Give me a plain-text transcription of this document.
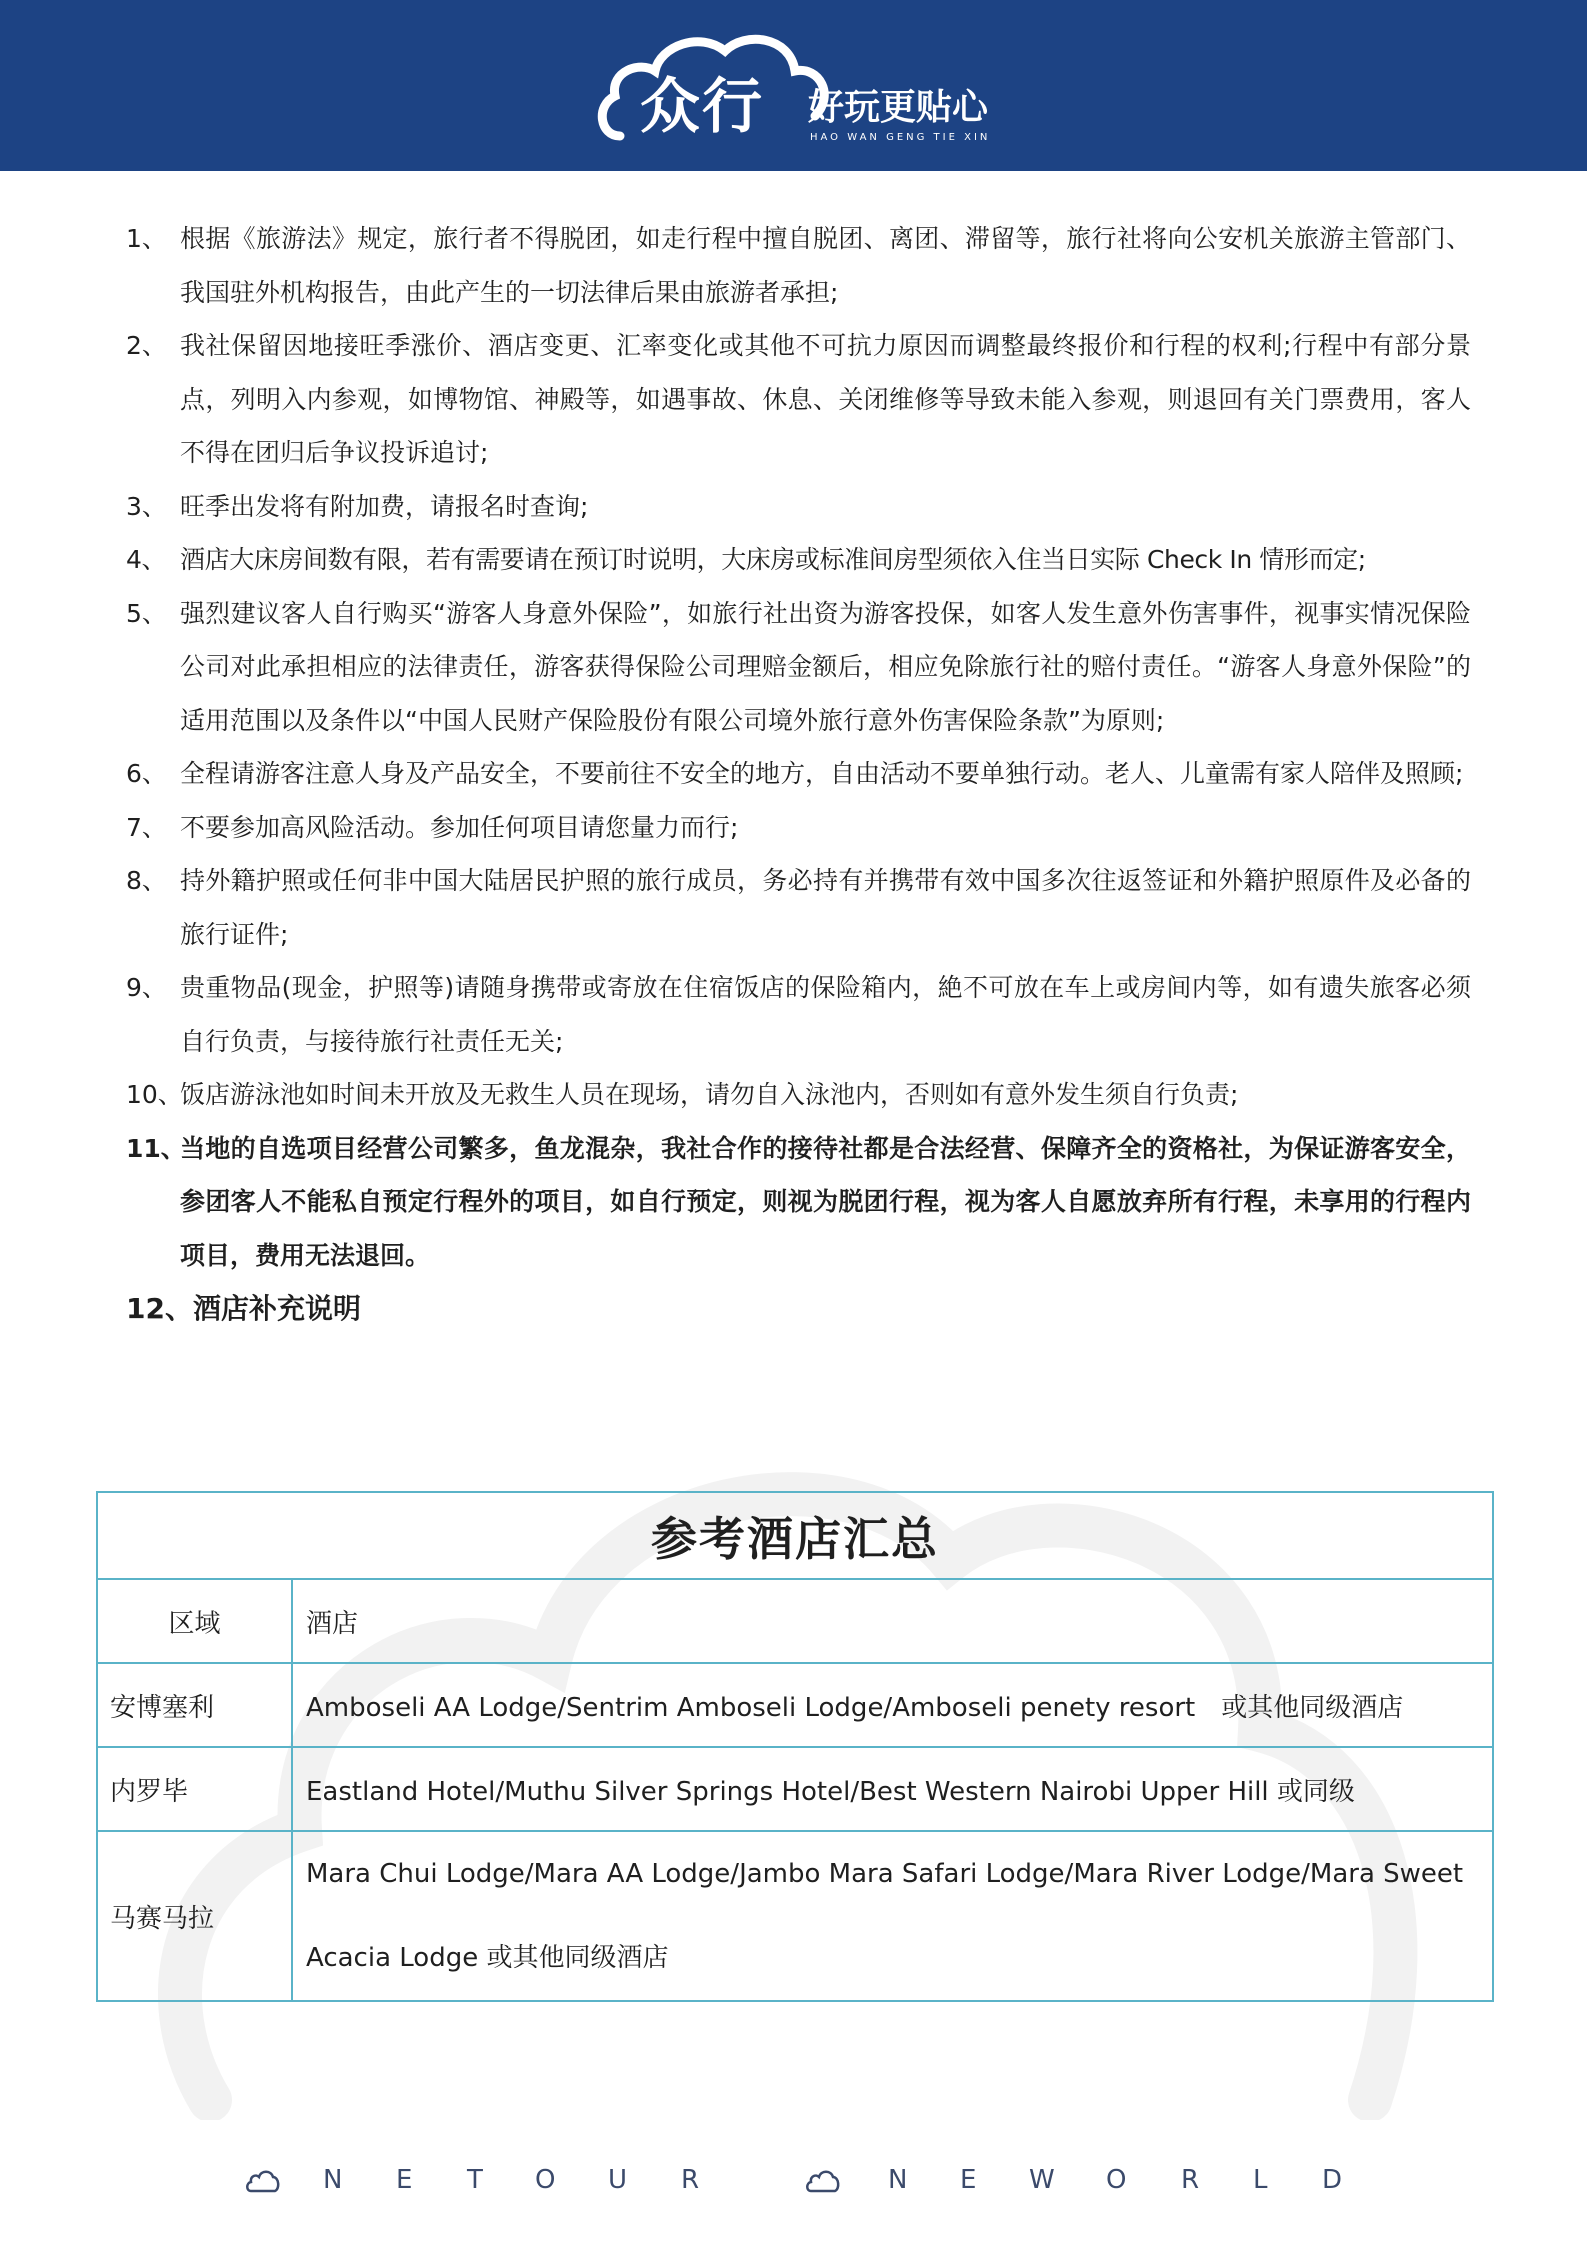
众行 好玩更贴心
HAO WAN GENG TIE XIN
1、 根据《旅游法》规定，旅行者不得脱团，如走行程中擅自脱团、离团、滞留等，旅行社将向公安机关旅游主管部门、我国驻外机构报告，由此产生的一切法律后果由旅游者承担;
2、 我社保留因地接旺季涨价、酒店变更、汇率变化或其他不可抗力原因而调整最终报价和行程的权利;行程中有部分景点，列明入内参观，如博物馆、神殿等，如遇事故、休息、关闭维修等导致未能入参观，则退回有关门票费用，客人不得在团归后争议投诉追讨;
3、 旺季出发将有附加费，请报名时查询;
4、 酒店大床房间数有限，若有需要请在预订时说明，大床房或标准间房型须依入住当日实际 Check In 情形而定;
5、 强烈建议客人自行购买“游客人身意外保险”，如旅行社出资为游客投保，如客人发生意外伤害事件，视事实情况保险公司对此承担相应的法律责任，游客获得保险公司理赔金额后，相应免除旅行社的赔付责任。“游客人身意外保险”的适用范围以及条件以“中国人民财产保险股份有限公司境外旅行意外伤害保险条款”为原则;
6、 全程请游客注意人身及产品安全，不要前往不安全的地方，自由活动不要单独行动。老人、儿童需有家人陪伴及照顾;
7、 不要参加高风险活动。参加任何项目请您量力而行;
8、 持外籍护照或任何非中国大陆居民护照的旅行成员，务必持有并携带有效中国多次往返签证和外籍护照原件及必备的旅行证件;
9、 贵重物品(现金，护照等)请随身携带或寄放在住宿饭店的保险箱内，絶不可放在车上或房间内等，如有遗失旅客必须自行负责，与接待旅行社责任无关;
10、
饭店游泳池如时间未开放及无救生人员在现场，请勿自入泳池内，否则如有意外发生须自行负责;
11、
当地的自选项目经营公司繁多，鱼龙混杂，我社合作的接待社都是合法经营、保障齐全的资格社，为保证游客安全，参团客人不能私自预定行程外的项目，如自行预定，则视为脱团行程，视为客人自愿放弃所有行程，未享用的行程内项目，费用无法退回。
12、酒店补充说明
参考酒店汇总	
区域	酒店
安博塞利	Amboseli AA Lodge/Sentrim Amboseli Lodge/Amboseli penety resort　或其他同级酒店
内罗毕	Eastland Hotel/Muthu Silver Springs Hotel/Best Western Nairobi Upper Hill 或同级
马赛马拉	Mara Chui Lodge/Mara AA Lodge/Jambo Mara Safari Lodge/Mara River Lodge/Mara Sweet Acacia Lodge 或其他同级酒店
N E T O U R	N E W O R L D
